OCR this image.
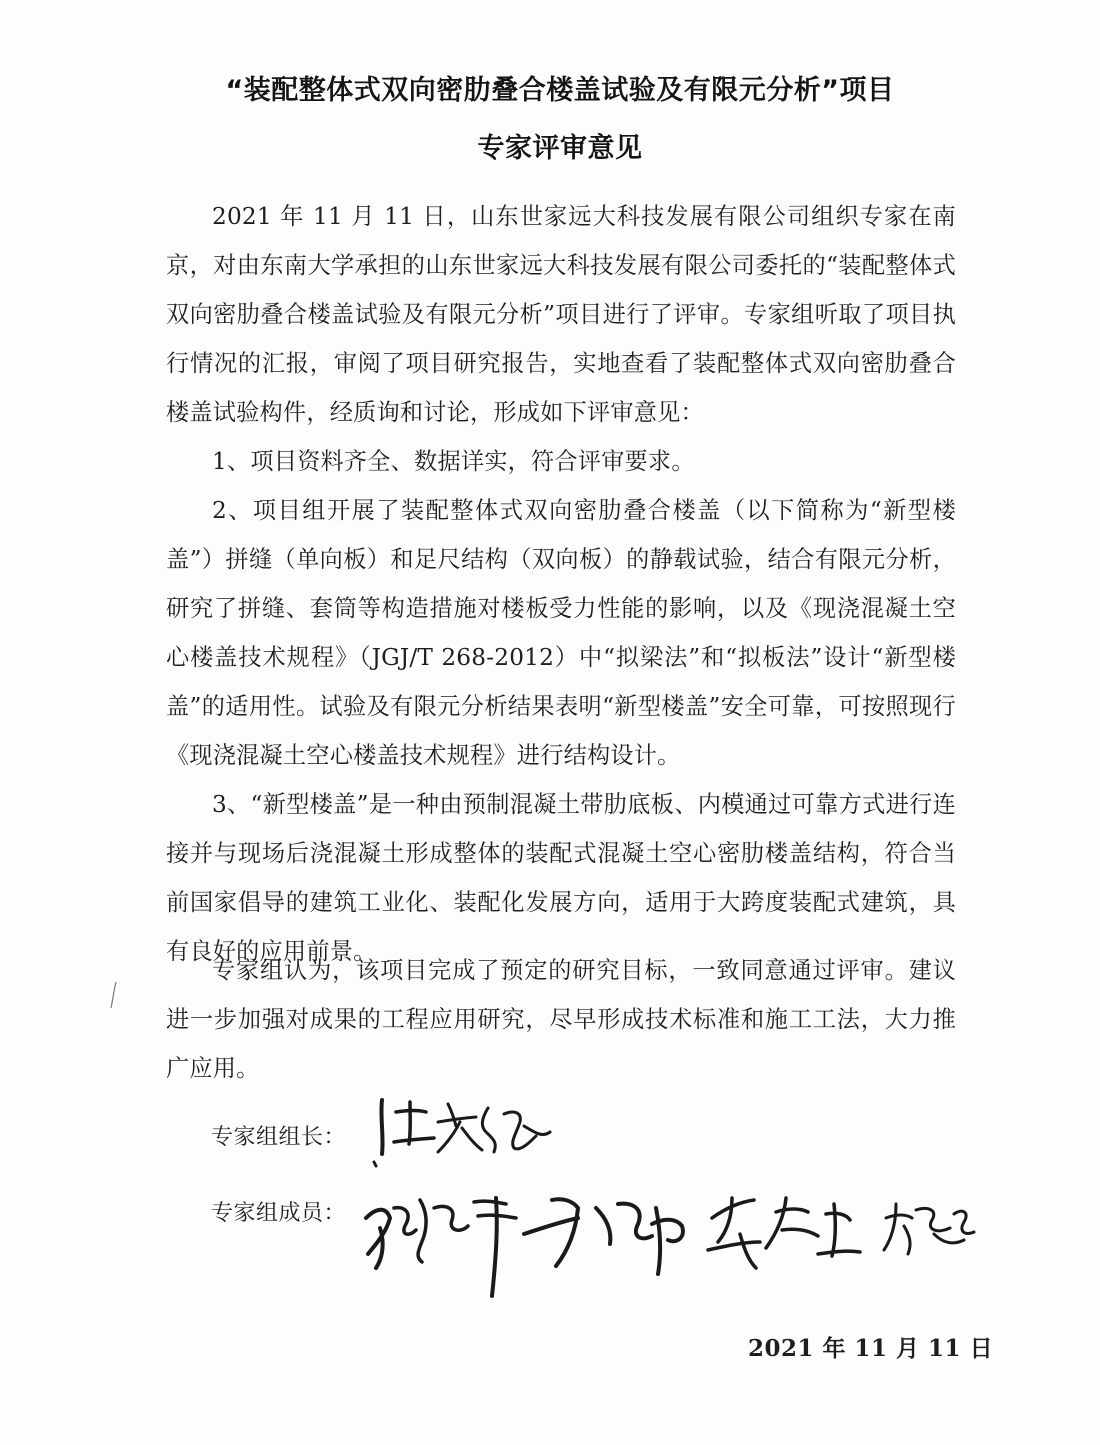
“装配整体式双向密肋叠合楼盖试验及有限元分析”项目
专家评审意见

2021 年 11 月 11 日，山东世家远大科技发展有限公司组织专家在南京，对由东南大学承担的山东世家远大科技发展有限公司委托的“装配整体式双向密肋叠合楼盖试验及有限元分析”项目进行了评审。专家组听取了项目执行情况的汇报，审阅了项目研究报告，实地查看了装配整体式双向密肋叠合楼盖试验构件，经质询和讨论，形成如下评审意见：

1、项目资料齐全、数据详实，符合评审要求。

2、项目组开展了装配整体式双向密肋叠合楼盖（以下简称为“新型楼盖”）拼缝（单向板）和足尺结构（双向板）的静载试验，结合有限元分析，研究了拼缝、套筒等构造措施对楼板受力性能的影响，以及《现浇混凝土空心楼盖技术规程》（JGJ/T 268-2012）中“拟梁法”和“拟板法”设计“新型楼盖”的适用性。试验及有限元分析结果表明“新型楼盖”安全可靠，可按照现行《现浇混凝土空心楼盖技术规程》进行结构设计。

3、“新型楼盖”是一种由预制混凝土带肋底板、内模通过可靠方式进行连接并与现场后浇混凝土形成整体的装配式混凝土空心密肋楼盖结构，符合当前国家倡导的建筑工业化、装配化发展方向，适用于大跨度装配式建筑，具有良好的应用前景。

专家组认为，该项目完成了预定的研究目标，一致同意通过评审。建议进一步加强对成果的工程应用研究，尽早形成技术标准和施工工法，大力推广应用。

专家组组长：
专家组成员：
2021 年 11 月 11 日
